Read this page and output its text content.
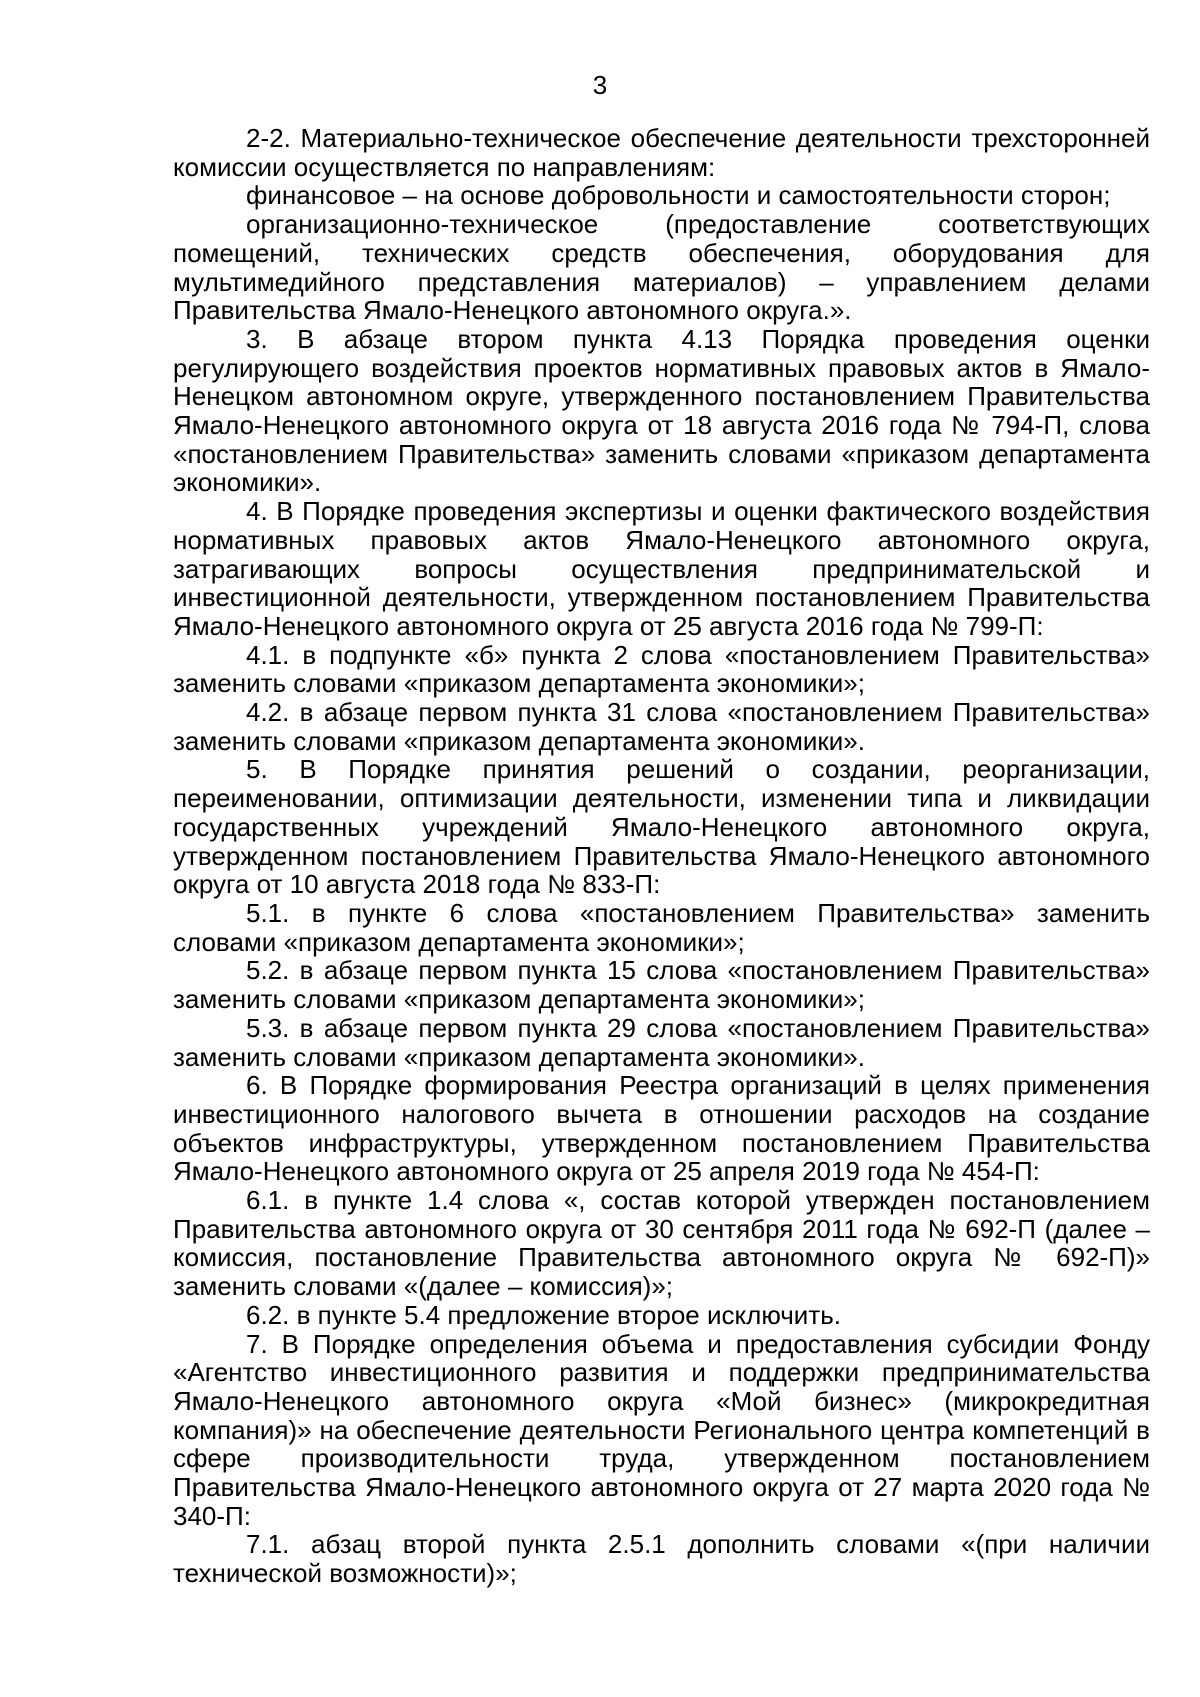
3

2-2. Материально-техническое обеспечение деятельности трехсторонней комиссии осуществляется по направлениям:

финансовое – на основе добровольности и самостоятельности сторон;

организационно-техническое (предоставление соответствующих помещений, технических средств обеспечения, оборудования для мультимедийного представления материалов) – управлением делами Правительства Ямало-Ненецкого автономного округа.».

3. В абзаце втором пункта 4.13 Порядка проведения оценки регулирующего воздействия проектов нормативных правовых актов в Ямало-Ненецком автономном округе, утвержденного постановлением Правительства Ямало-Ненецкого автономного округа от 18 августа 2016 года № 794-П, слова «постановлением Правительства» заменить словами «приказом департамента экономики».

4. В Порядке проведения экспертизы и оценки фактического воздействия нормативных правовых актов Ямало-Ненецкого автономного округа, затрагивающих вопросы осуществления предпринимательской и инвестиционной деятельности, утвержденном постановлением Правительства Ямало-Ненецкого автономного округа от 25 августа 2016 года № 799-П:

4.1. в подпункте «б» пункта 2 слова «постановлением Правительства» заменить словами «приказом департамента экономики»;

4.2. в абзаце первом пункта 31 слова «постановлением Правительства» заменить словами «приказом департамента экономики».

5. В Порядке принятия решений о создании, реорганизации, переименовании, оптимизации деятельности, изменении типа и ликвидации государственных учреждений Ямало-Ненецкого автономного округа, утвержденном постановлением Правительства Ямало-Ненецкого автономного округа от 10 августа 2018 года № 833-П:

5.1. в пункте 6 слова «постановлением Правительства» заменить словами «приказом департамента экономики»;

5.2. в абзаце первом пункта 15 слова «постановлением Правительства» заменить словами «приказом департамента экономики»;

5.3. в абзаце первом пункта 29 слова «постановлением Правительства» заменить словами «приказом департамента экономики».

6. В Порядке формирования Реестра организаций в целях применения инвестиционного налогового вычета в отношении расходов на создание объектов инфраструктуры, утвержденном постановлением Правительства Ямало-Ненецкого автономного округа от 25 апреля 2019 года № 454-П:

6.1. в пункте 1.4 слова «, состав которой утвержден постановлением Правительства автономного округа от 30 сентября 2011 года № 692-П (далее – комиссия, постановление Правительства автономного округа № 692-П)» заменить словами «(далее – комиссия)»;

6.2. в пункте 5.4 предложение второе исключить.

7. В Порядке определения объема и предоставления субсидии Фонду «Агентство инвестиционного развития и поддержки предпринимательства Ямало-Ненецкого автономного округа «Мой бизнес» (микрокредитная компания)» на обеспечение деятельности Регионального центра компетенций в сфере производительности труда, утвержденном постановлением Правительства Ямало-Ненецкого автономного округа от 27 марта 2020 года № 340-П:

7.1. абзац второй пункта 2.5.1 дополнить словами «(при наличии технической возможности)»;
